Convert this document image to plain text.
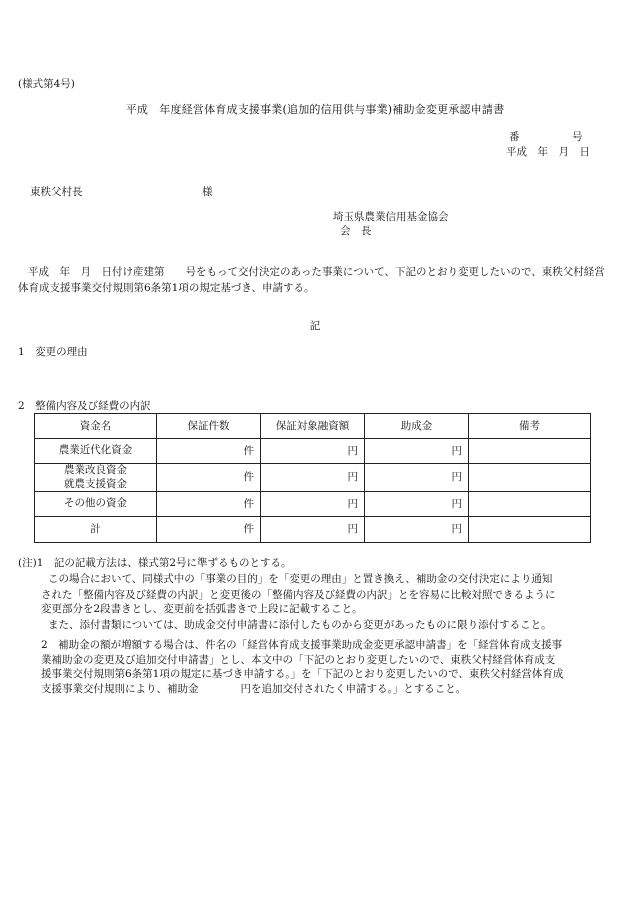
(様式第4号)
平成　年度経営体育成支援事業(追加的信用供与事業)補助金変更承認申請書
番　　　　　号
平成　年　月　日
東秩父村長	様
埼玉県農業信用基金協会
会　長
平成　年　月　日付け産建第　　号をもって交付決定のあった事業について、下記のとおり変更したいので、東秩父村経営体育成支援事業交付規則第6条第1項の規定基づき、申請する。
記
1　変更の理由
2　整備内容及び経費の内訳
資金名	保証件数	保証対象融資額	助成金	備考
農業近代化資金	件	円	円	
農業改良資金
就農支援資金	件	円	円	
その他の資金	件	円	円	
計	件	円	円	
(注)1　記の記載方法は、様式第2号に準ずるものとする。
この場合において、同様式中の「事業の目的」を「変更の理由」と置き換え、補助金の交付決定により通知
された「整備内容及び経費の内訳」と変更後の「整備内容及び経費の内訳」とを容易に比較対照できるように
変更部分を2段書きとし、変更前を括弧書きで上段に記載すること。
また、添付書類については、助成金交付申請書に添付したものから変更があったものに限り添付すること。
2　補助金の額が増額する場合は、件名の「経営体育成支援事業助成金変更承認申請書」を「経営体育成支援事
業補助金の変更及び追加交付申請書」とし、本文中の「下記のとおり変更したいので、東秩父村経営体育成支
援事業交付規則第6条第1項の規定に基づき申請する。」を「下記のとおり変更したいので、東秩父村経営体育成
支援事業交付規則により、補助金　　　　円を追加交付されたく申請する。」とすること。
